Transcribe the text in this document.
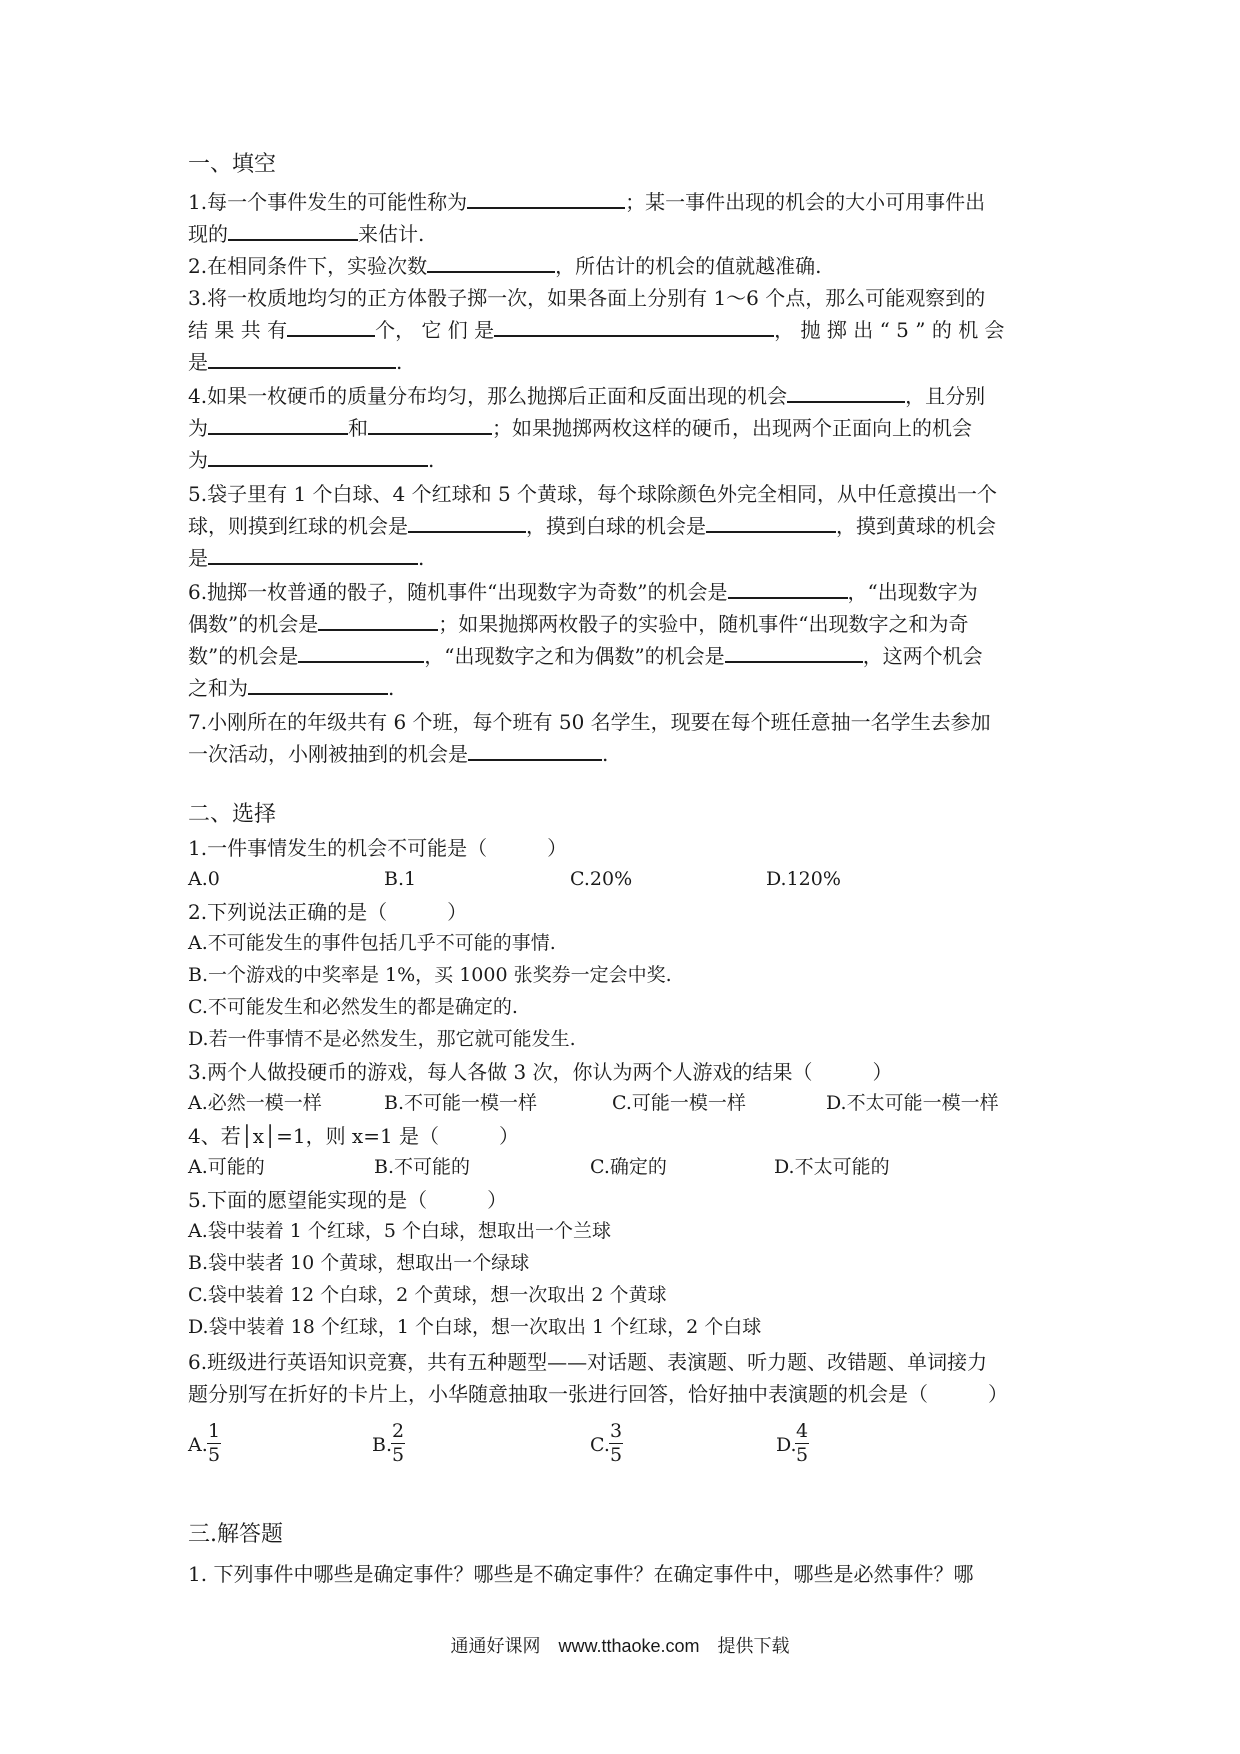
一、填空
1.每一个事件发生的可能性称为	；某一事件出现的机会的大小可用事件出
现的	来估计.
2.在相同条件下，实验次数	，所估计的机会的值就越准确.
3.将一枚质地均匀的正方体骰子掷一次，如果各面上分别有 1～6 个点，那么可能观察到的
结 果 共 有	个， 它 们 是	， 抛 掷 出 “ 5 ” 的 机 会
是	.
4.如果一枚硬币的质量分布均匀，那么抛掷后正面和反面出现的机会	，且分别
为	和	；如果抛掷两枚这样的硬币，出现两个正面向上的机会
为	.
5.袋子里有 1 个白球、4 个红球和 5 个黄球，每个球除颜色外完全相同，从中任意摸出一个
球，则摸到红球的机会是	，摸到白球的机会是	，摸到黄球的机会
是	.
6.抛掷一枚普通的骰子，随机事件“出现数字为奇数”的机会是	，“出现数字为
偶数”的机会是	；如果抛掷两枚骰子的实验中，随机事件“出现数字之和为奇
数”的机会是	，“出现数字之和为偶数”的机会是	，这两个机会
之和为	.
7.小刚所在的年级共有 6 个班，每个班有 50 名学生，现要在每个班任意抽一名学生去参加
一次活动，小刚被抽到的机会是	.
二、选择
1.一件事情发生的机会不可能是（　　　）
A.0	B.1	C.20%	D.120%
2.下列说法正确的是（　　　）
A.不可能发生的事件包括几乎不可能的事情.
B.一个游戏的中奖率是 1%，买 1000 张奖券一定会中奖.
C.不可能发生和必然发生的都是确定的.
D.若一件事情不是必然发生，那它就可能发生.
3.两个人做投硬币的游戏，每人各做 3 次，你认为两个人游戏的结果（　　　）
A.必然一模一样	B.不可能一模一样	C.可能一模一样	D.不太可能一模一样
4、若│x│=1，则 x=1 是（　　　）
A.可能的	B.不可能的	C.确定的	D.不太可能的
5.下面的愿望能实现的是（　　　）
A.袋中装着 1 个红球，5 个白球，想取出一个兰球
B.袋中装者 10 个黄球，想取出一个绿球
C.袋中装着 12 个白球，2 个黄球，想一次取出 2 个黄球
D.袋中装着 18 个红球，1 个白球，想一次取出 1 个红球，2 个白球
6.班级进行英语知识竞赛，共有五种题型——对话题、表演题、听力题、改错题、单词接力
题分别写在折好的卡片上，小华随意抽取一张进行回答，恰好抽中表演题的机会是（　　　）
A.
1
5	B.
2
5	C.
3
5	D.
4
5
三.解答题
1. 下列事件中哪些是确定事件？哪些是不确定事件？在确定事件中，哪些是必然事件？哪
通通好课网　www.tthaoke.com　提供下载
